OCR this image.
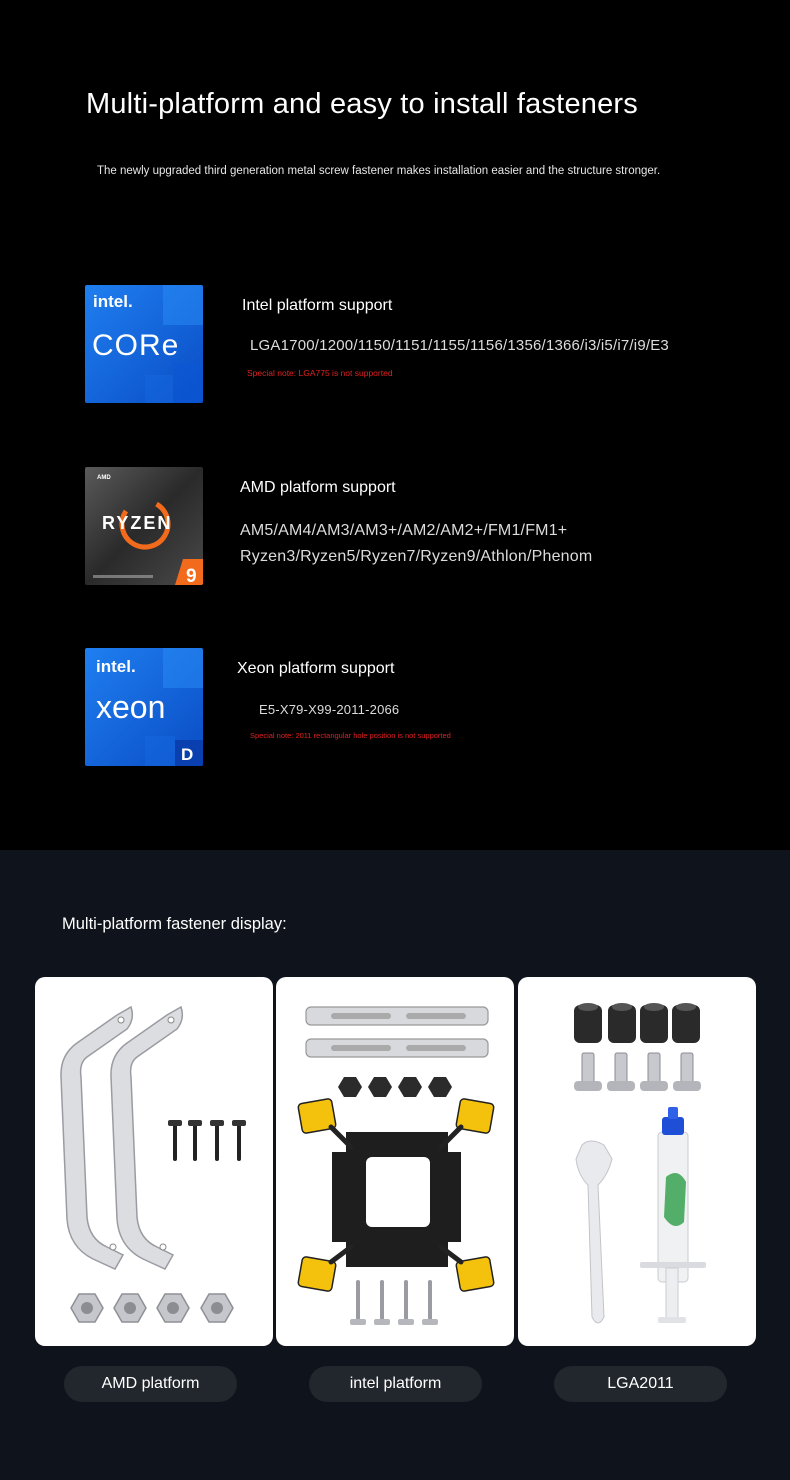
Multi-platform and easy to install fasteners

The newly upgraded third generation metal screw fastener makes installation easier and the structure stronger.

intel.
CORe
Intel platform support
LGA1700/1200/1150/1151/1155/1156/1356/1366/i3/i5/i7/i9/E3
Special note: LGA775 is not supported
AMD
RYZEN
9
AMD platform support
AM5/AM4/AM3/AM3+/AM2/AM2+/FM1/FM1+
Ryzen3/Ryzen5/Ryzen7/Ryzen9/Athlon/Phenom
intel.
xeon
D
Xeon platform support
E5-X79-X99-2011-2066
Special note: 2011 rectangular hole position is not supported
Multi-platform fastener display:
AMD platform	intel platform	LGA2011
